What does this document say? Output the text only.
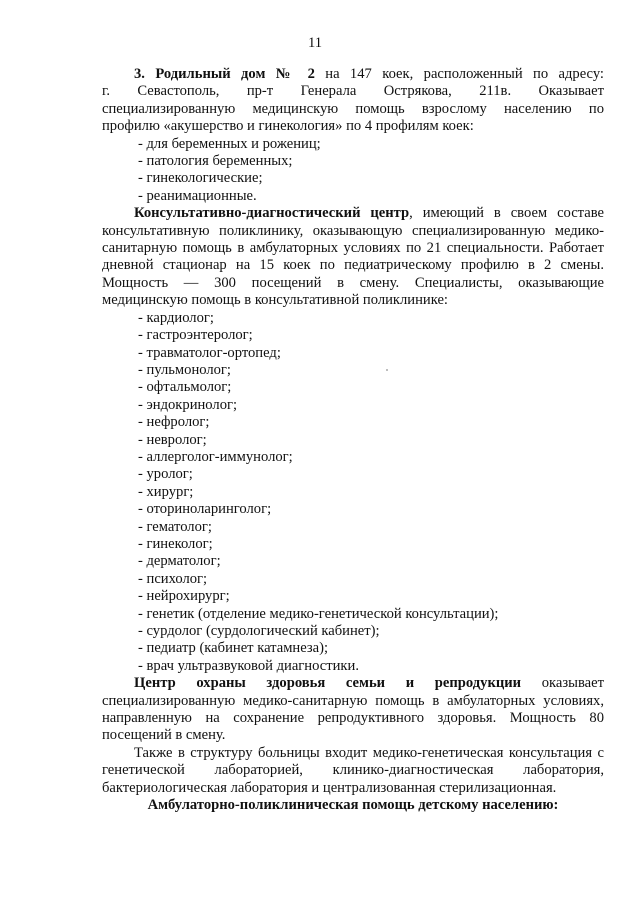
11

3. Родильный дом № 2 на 147 коек, расположенный по адресу:

г. Севастополь, пр-т Генерала Острякова, 211в. Оказывает

специализированную медицинскую помощь взрослому населению по

профилю «акушерство и гинекология» по 4 профилям коек:

- для беременных и рожениц;
- патология беременных;
- гинекологические;
- реанимационные.

Консультативно-диагностический центр, имеющий в своем составе консультативную поликлинику, оказывающую специализированную медико-санитарную помощь в амбулаторных условиях по 21 специальности. Работает дневной стационар на 15 коек по педиатрическому профилю в 2 смены. Мощность — 300 посещений в смену. Специалисты, оказывающие медицинскую помощь в консультативной поликлинике:

- кардиолог;
- гастроэнтеролог;
- травматолог-ортопед;
- пульмонолог;
- офтальмолог;
- эндокринолог;
- нефролог;
- невролог;
- аллерголог-иммунолог;
- уролог;
- хирург;
- оториноларинголог;
- гематолог;
- гинеколог;
- дерматолог;
- психолог;
- нейрохирург;
- генетик (отделение медико-генетической консультации);
- сурдолог (сурдологический кабинет);
- педиатр (кабинет катамнеза);
- врач ультразвуковой диагностики.

Центр охраны здоровья семьи и репродукции оказывает специализированную медико-санитарную помощь в амбулаторных условиях, направленную на сохранение репродуктивного здоровья. Мощность 80 посещений в смену.

Также в структуру больницы входит медико-генетическая консультация с генетической лабораторией, клинико-диагностическая лаборатория, бактериологическая лаборатория и централизованная стерилизационная.

Амбулаторно-поликлиническая помощь детскому населению:
